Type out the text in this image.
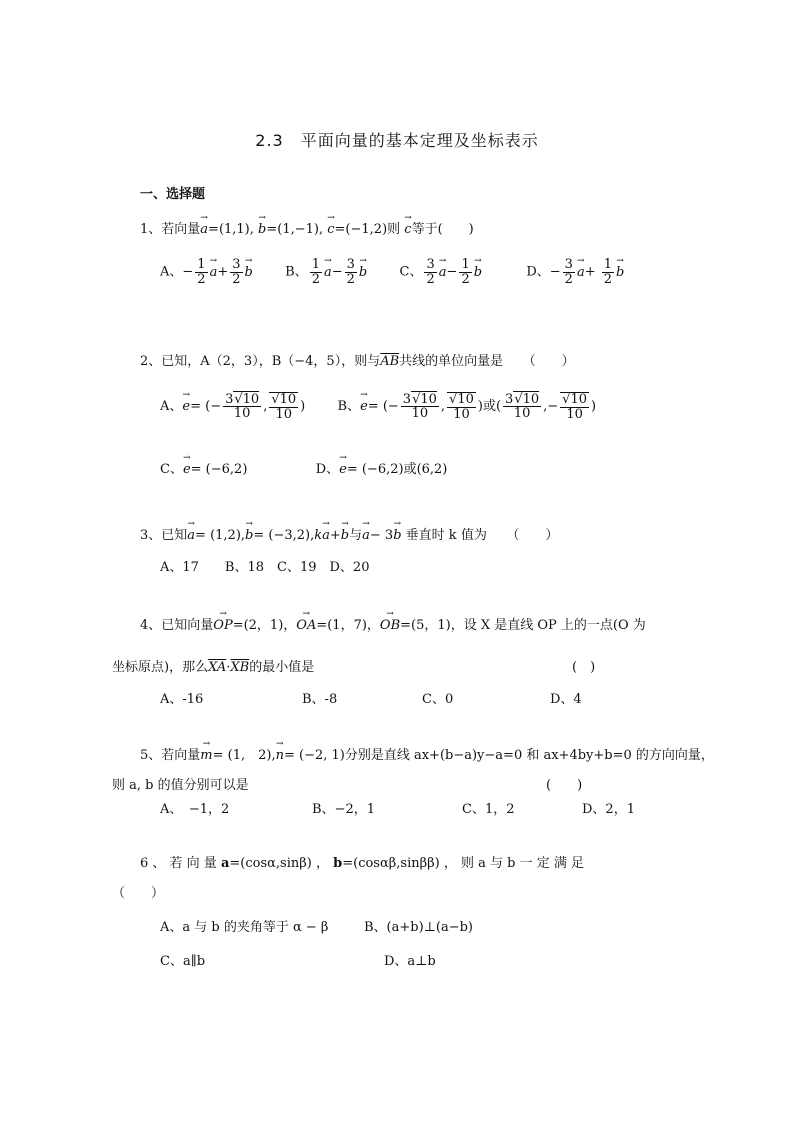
2.3　平面向量的基本定理及坐标表示
一、选择题
1、若向量→ a=(1,1), → b=(1,−1), → c=(−1,2)则 → c等于(　　)
A、− $\frac{1}{2} \to a+ \frac{3}{2} \to b$ B、 $\frac{1}{2} \to a- \frac{3}{2} \to b$ C、 $\frac{3}{2} \to a- \frac{1}{2} \to b$	D、− $\frac{3}{2} \to a+ \frac{1}{2} \to b$
2、已知，A（2，3），B（−4，5），则与$\overline{AB}$共线的单位向量是　　（　　）
A、→ e= (− $\frac{3√10}{10}$ , $\frac{√10}{10}$ ) B、→ e= (− $\frac{3√10}{10}$ , $\frac{√10}{10}$ )或( $\frac{3√10}{10}$ ,− $\frac{√10}{10}$ )
C、→ e= (−6,2)	D、→ e= (−6,2)或(6,2)
3、已知→ a= (1,2),→ b= (−3,2),k→ a+→ b与→ a− 3→ b 垂直时 k 值为　　（　　）
A、17　　B、18　C、19　D、20
4、已知向量→ OP=(2，1)，→ OA=(1，7)，→ OB=(5，1)，设 X 是直线 OP 上的一点(O 为
坐标原点)，那么$\overline{XA}\cdot\overline{XB}$的最小值是	(　)
A、-16	B、-8	C、0	D、4
5、若向量→ m= (1,　2),→ n= (−2, 1)分别是直线 ax+(b−a)y−a=0 和 ax+4by+b=0 的方向向量，
则 a, b 的值分别可以是	(　　)
A、　−1，2	B、−2，1	C、1，2	D、2，1
6 、 若 向 量 a=(cosα,sinβ) ， b=(cosαβ,sinββ) ， 则 a 与 b 一 定 满 足
（　　）
A、a 与 b 的夹角等于 α − β	B、(a+b)⊥(a−b)
C、a∥b	D、a⊥b
